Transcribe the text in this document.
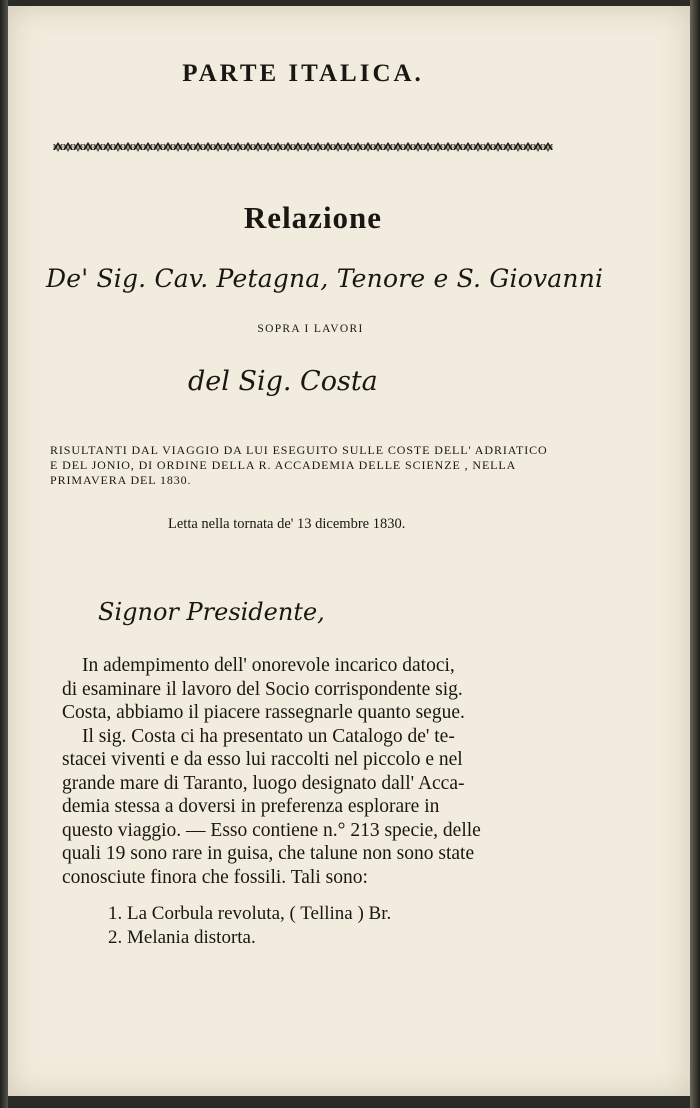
PARTE ITALICA.
Relazione
De' Sig. Cav. Petagna, Tenore e S. Giovanni
SOPRA I LAVORI
del Sig. Costa
RISULTANTI DAL VIAGGIO DA LUI ESEGUITO SULLE COSTE DELL' ADRIATICO
E DEL JONIO, DI ORDINE DELLA R. ACCADEMIA DELLE SCIENZE , NELLA
PRIMAVERA DEL 1830.
Letta nella tornata de' 13 dicembre 1830.
Signor Presidente,
In adempimento dell' onorevole incarico datoci,
di esaminare il lavoro del Socio corrispondente sig.
Costa, abbiamo il piacere rassegnarle quanto segue.
Il sig. Costa ci ha presentato un Catalogo de' te-
stacei viventi e da esso lui raccolti nel piccolo e nel
grande mare di Taranto, luogo designato dall' Acca-
demia stessa a doversi in preferenza esplorare in
questo viaggio. — Esso contiene n.° 213 specie, delle
quali 19 sono rare in guisa, che talune non sono state
conosciute finora che fossili. Tali sono:
1. La Corbula revoluta, ( Tellina ) Br.
2. Melania distorta.
